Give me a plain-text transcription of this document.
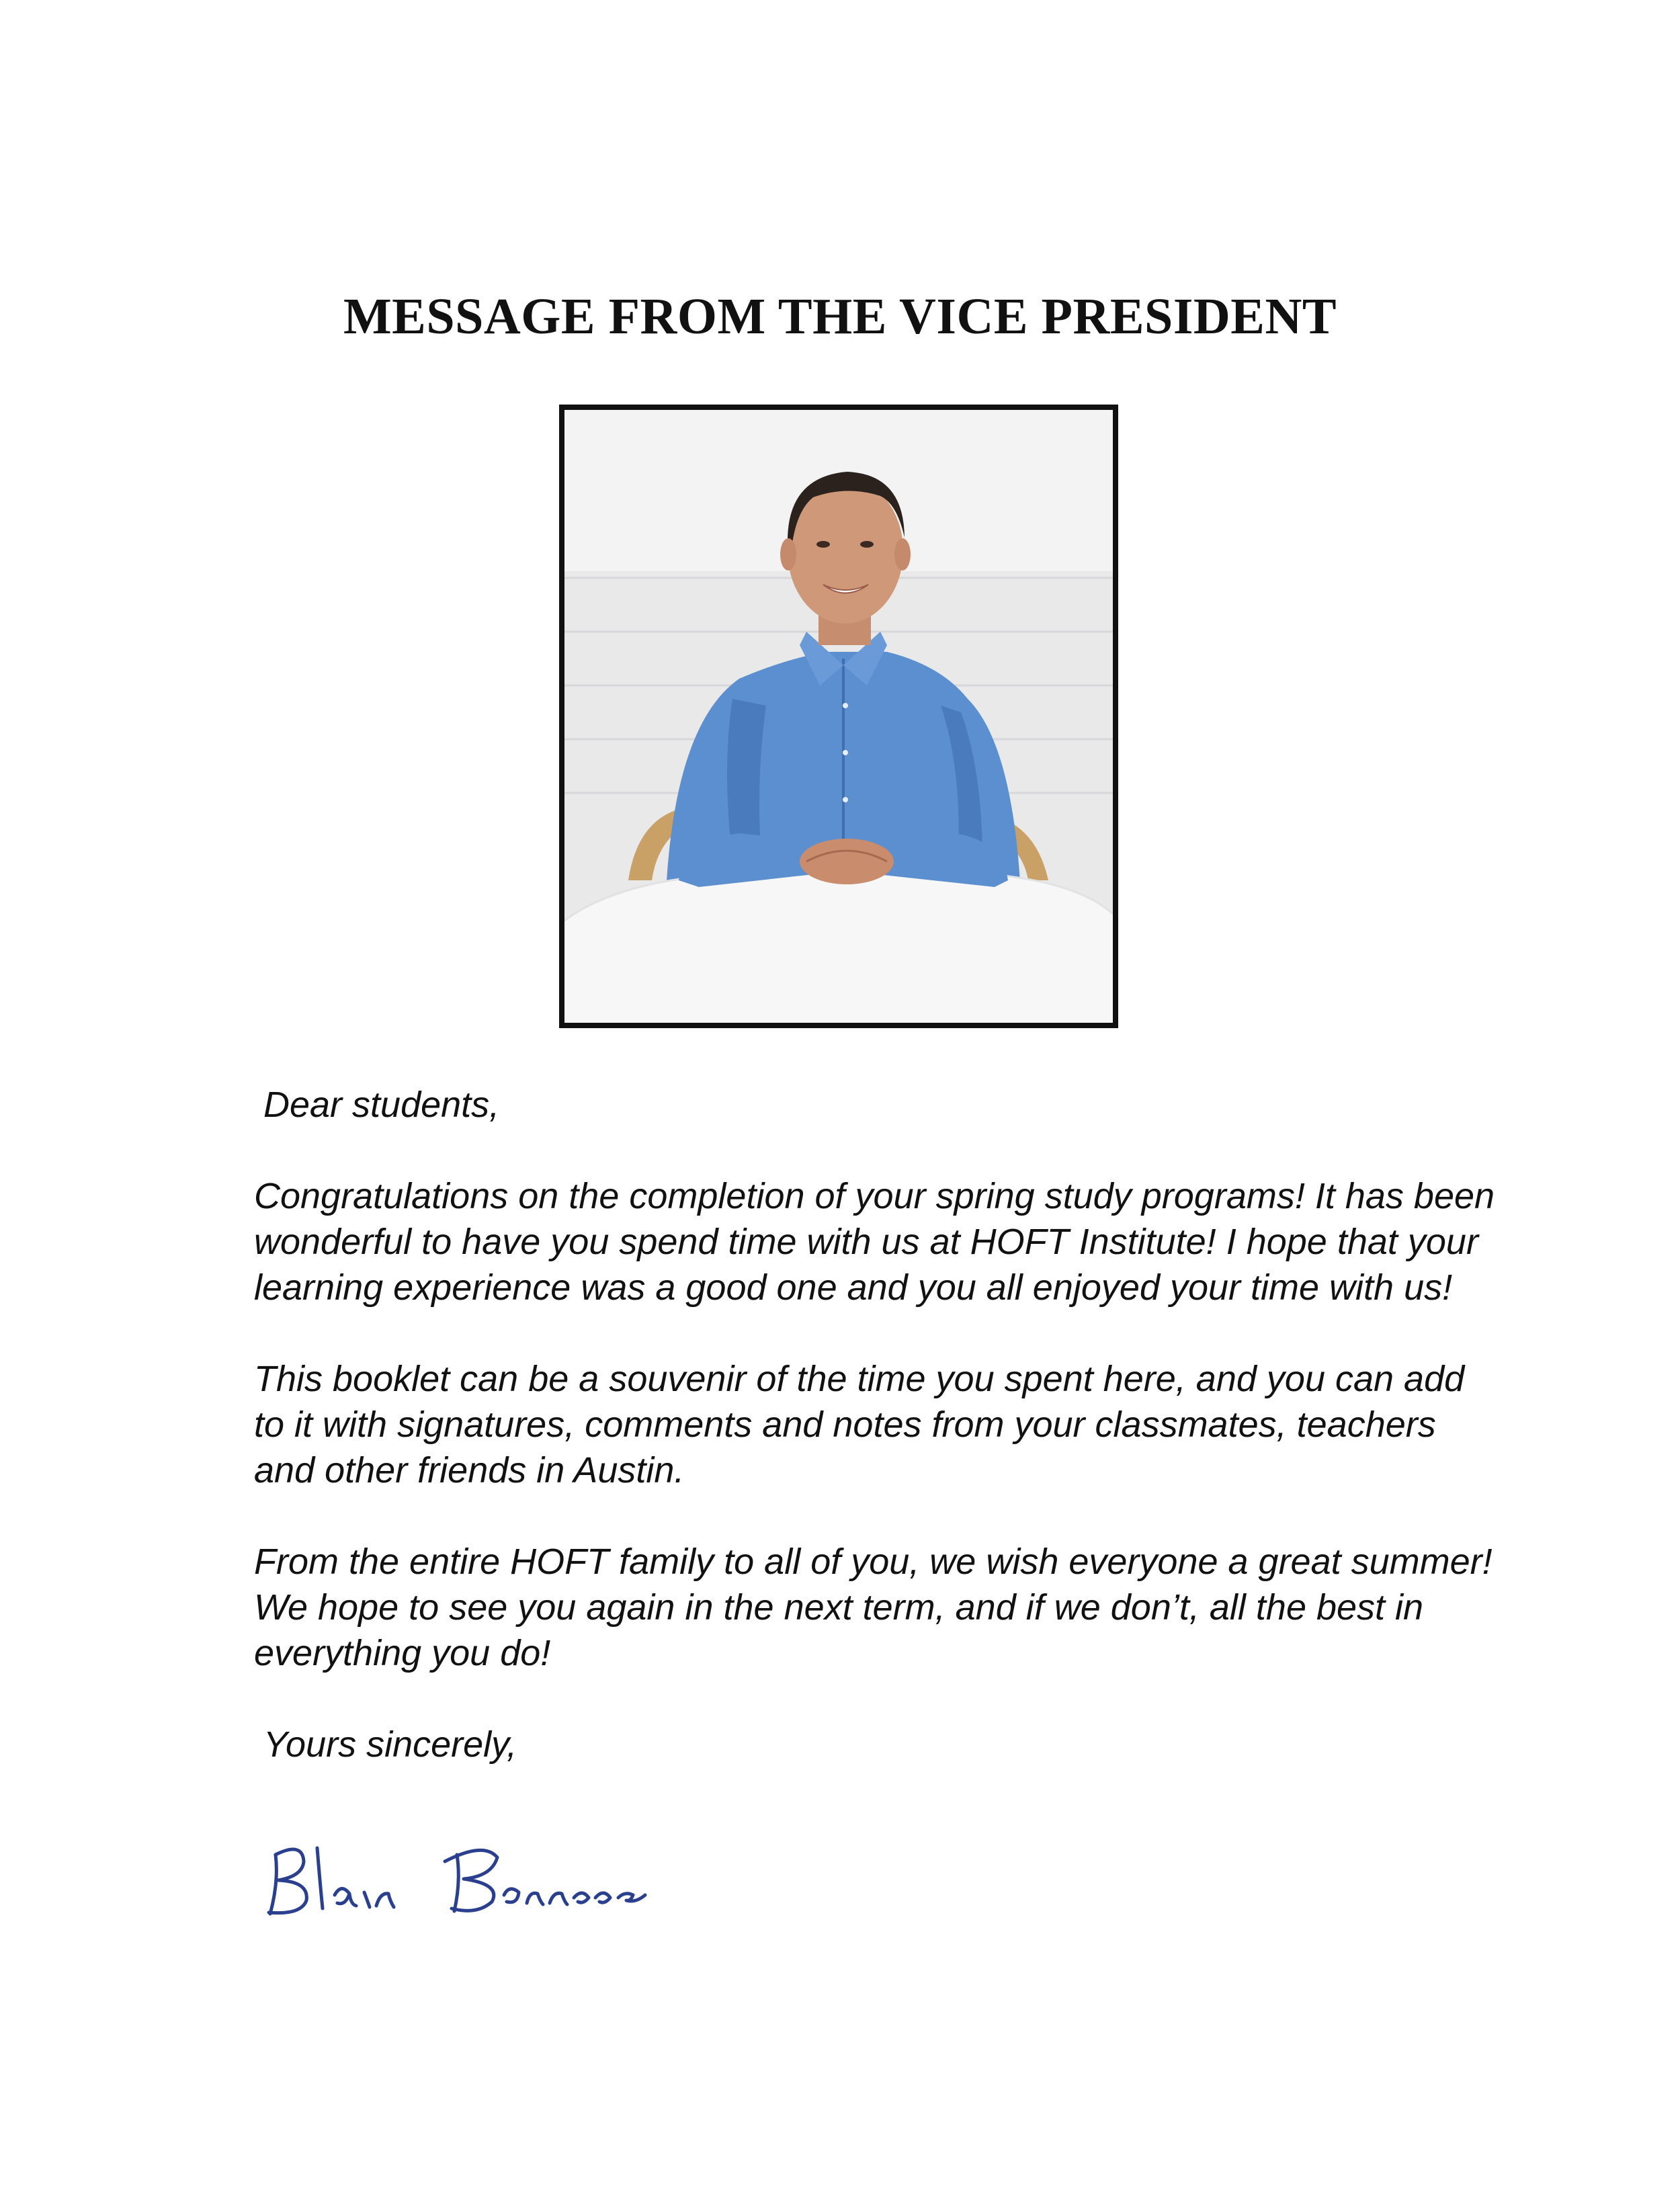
MESSAGE FROM THE VICE PRESIDENT

Dear students,

Congratulations on the completion of your spring study programs! It has been wonderful to have you spend time with us at HOFT Institute! I hope that your learning experience was a good one and you all enjoyed your time with us!

This booklet can be a souvenir of the time you spent here, and you can add to it with signatures, comments and notes from your classmates, teachers and other friends in Austin.

From the entire HOFT family to all of you, we wish everyone a great summer! We hope to see you again in the next term, and if we don’t, all the best in everything you do!

Yours sincerely,
